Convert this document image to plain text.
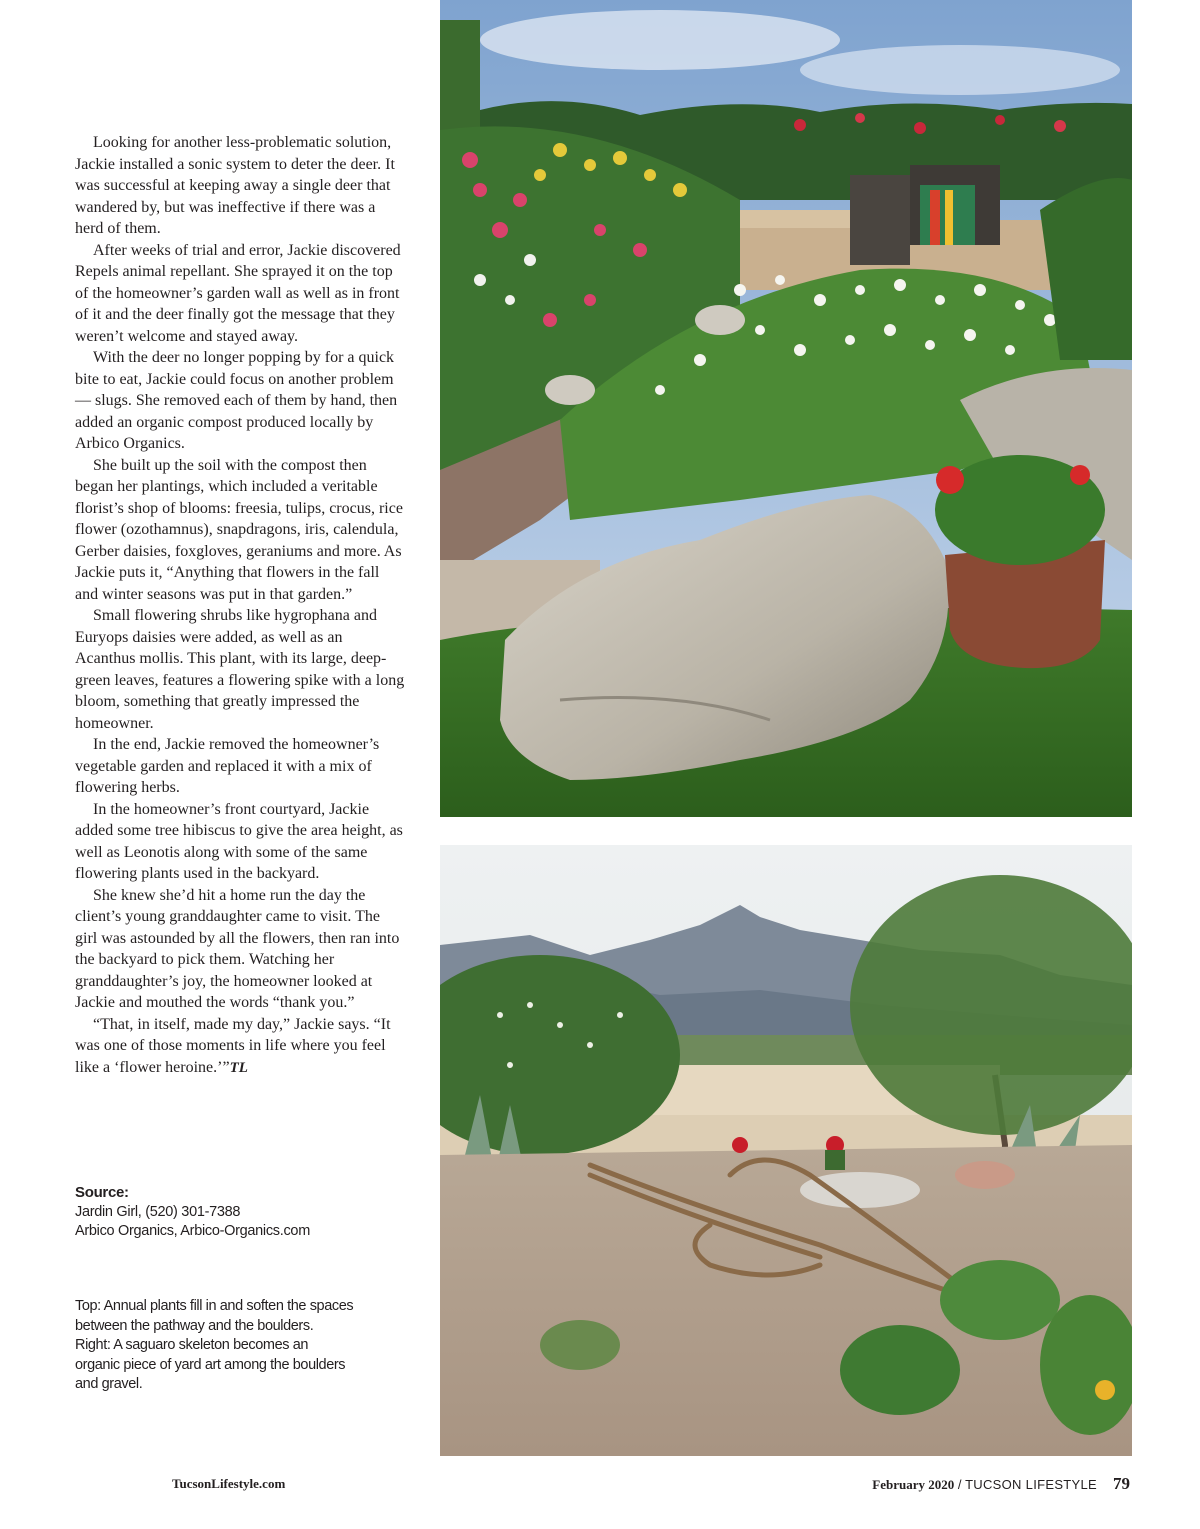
Looking for another less-problematic solution, Jackie installed a sonic system to deter the deer. It was successful at keeping away a single deer that wandered by, but was ineffective if there was a herd of them.

After weeks of trial and error, Jackie discovered Repels animal repellant. She sprayed it on the top of the homeowner’s garden wall as well as in front of it and the deer finally got the message that they weren’t welcome and stayed away.

With the deer no longer popping by for a quick bite to eat, Jackie could focus on another problem — slugs. She removed each of them by hand, then added an organic compost produced locally by Arbico Organics.

She built up the soil with the compost then began her plantings, which included a veritable florist’s shop of blooms: freesia, tulips, crocus, rice flower (ozothamnus), snapdragons, iris, calendula, Gerber daisies, foxgloves, geraniums and more. As Jackie puts it, “Anything that flowers in the fall and winter seasons was put in that garden.”

Small flowering shrubs like hygrophana and Euryops daisies were added, as well as an Acanthus mollis. This plant, with its large, deep-green leaves, features a flowering spike with a long bloom, something that greatly impressed the homeowner.

In the end, Jackie removed the homeowner’s vegetable garden and replaced it with a mix of flowering herbs.

In the homeowner’s front courtyard, Jackie added some tree hibiscus to give the area height, as well as Leonotis along with some of the same flowering plants used in the backyard.

She knew she’d hit a home run the day the client’s young granddaughter came to visit. The girl was astounded by all the flowers, then ran into the backyard to pick them. Watching her granddaughter’s joy, the homeowner looked at Jackie and mouthed the words “thank you.”

“That, in itself, made my day,” Jackie says. “It was one of those moments in life where you feel like a ‘flower heroine.’”TL

Source:
Jardin Girl, (520) 301-7388
Arbico Organics, Arbico-Organics.com
Top: Annual plants fill in and soften the spaces
between the pathway and the boulders.
Right: A saguaro skeleton becomes an
organic piece of yard art among the boulders
and gravel.
TucsonLifestyle.com	February 2020 / TUCSON LIFESTYLE 79
